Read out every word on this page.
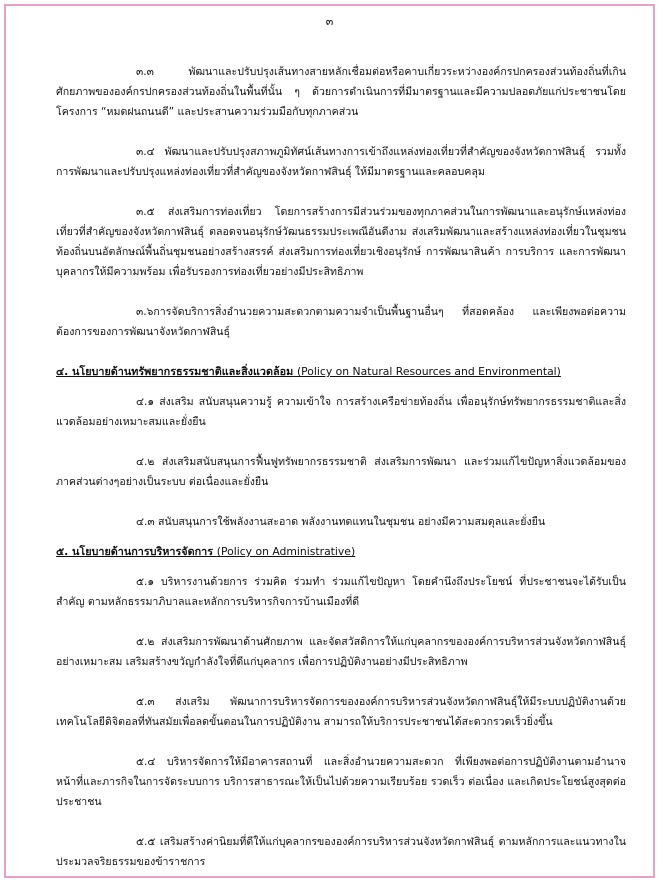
๓

๓.๓ พัฒนาและปรับปรุงเส้นทางสายหลักเชื่อมต่อหรือคาบเกี่ยวระหว่างองค์กรปกครองส่วนท้องถิ่นที่เกินศักยภาพขององค์กรปกครองส่วนท้องถิ่นในพื้นที่นั้น ๆ ด้วยการดำเนินการที่มีมาตรฐานและมีความปลอดภัยแก่ประชาชนโดยโครงการ “หมดฝนถนนดี” และประสานความร่วมมือกับทุกภาคส่วน

๓.๔ พัฒนาและปรับปรุงสภาพภูมิทัศน์เส้นทางการเข้าถึงแหล่งท่องเที่ยวที่สำคัญของจังหวัดกาฬสินธุ์ รวมทั้งการพัฒนาและปรับปรุงแหล่งท่องเที่ยวที่สำคัญของจังหวัดกาฬสินธุ์ ให้มีมาตรฐานและคลอบคลุม

๓.๕ ส่งเสริมการท่องเที่ยว โดยการสร้างการมีส่วนร่วมของทุกภาคส่วนในการพัฒนาและอนุรักษ์แหล่งท่องเที่ยวที่สำคัญของจังหวัดกาฬสินธุ์ ตลอดจนอนุรักษ์วัฒนธรรมประเพณีอันดีงาม ส่งเสริมพัฒนาและสร้างแหล่งท่องเที่ยวในชุมชนท้องถิ่นบนอัตลักษณ์พื้นถิ่นชุมชนอย่างสร้างสรรค์ ส่งเสริมการท่องเที่ยวเชิงอนุรักษ์ การพัฒนาสินค้า การบริการ และการพัฒนาบุคลากรให้มีความพร้อม เพื่อรับรองการท่องเที่ยวอย่างมีประสิทธิภาพ

๓.๖การจัดบริการสิ่งอำนวยความสะดวกตามความจำเป็นพื้นฐานอื่นๆ ที่สอดคล้อง และเพียงพอต่อความต้องการของการพัฒนาจังหวัดกาฬสินธุ์

๔. นโยบายด้านทรัพยากรธรรมชาติและสิ่งแวดล้อม (Policy on Natural Resources and Environmental)

๔.๑ ส่งเสริม สนับสนุนความรู้ ความเข้าใจ การสร้างเครือข่ายท้องถิ่น เพื่ออนุรักษ์ทรัพยากรธรรมชาติและสิ่งแวดล้อมอย่างเหมาะสมและยั่งยืน

๔.๒ ส่งเสริมสนับสนุนการฟื้นฟูทรัพยากรธรรมชาติ ส่งเสริมการพัฒนา และร่วมแก้ไขปัญหาสิ่งแวดล้อมของภาคส่วนต่างๆอย่างเป็นระบบ ต่อเนื่องและยั่งยืน

๔.๓ สนับสนุนการใช้พลังงานสะอาด พลังงานทดแทนในชุมชน อย่างมีความสมดุลและยั่งยืน

๕. นโยบายด้านการบริหารจัดการ (Policy on Administrative)

๕.๑ บริหารงานด้วยการ ร่วมคิด ร่วมทำ ร่วมแก้ไขปัญหา โดยคำนึงถึงประโยชน์ ที่ประชาชนจะได้รับเป็นสำคัญ ตามหลักธรรมาภิบาลและหลักการบริหารกิจการบ้านเมืองที่ดี

๕.๒ ส่งเสริมการพัฒนาด้านศักยภาพ และจัดสวัสดิการให้แก่บุคลากรขององค์การบริหารส่วนจังหวัดกาฬสินธุ์อย่างเหมาะสม เสริมสร้างขวัญกำลังใจที่ดีแก่บุคลากร เพื่อการปฏิบัติงานอย่างมีประสิทธิภาพ

๕.๓ ส่งเสริม พัฒนาการบริหารจัดการขององค์การบริหารส่วนจังหวัดกาฬสินธุ์ให้มีระบบปฏิบัติงานด้วยเทคโนโลยีดิจิตอลที่ทันสมัยเพื่อลดขั้นตอนในการปฏิบัติงาน สามารถให้บริการประชาชนได้สะดวกรวดเร็วยิ่งขึ้น

๕.๔ บริหารจัดการให้มีอาคารสถานที่ และสิ่งอำนวยความสะดวก ที่เพียงพอต่อการปฏิบัติงานตามอำนาจหน้าที่และภารกิจในการจัดระบบการ บริการสาธารณะให้เป็นไปด้วยความเรียบร้อย รวดเร็ว ต่อเนื่อง และเกิดประโยชน์สูงสุดต่อประชาชน

๕.๕ เสริมสร้างค่านิยมที่ดีให้แก่บุคลากรขององค์การบริหารส่วนจังหวัดกาฬสินธุ์ ตามหลักการและแนวทางในประมวลจริยธรรมของข้าราชการ
